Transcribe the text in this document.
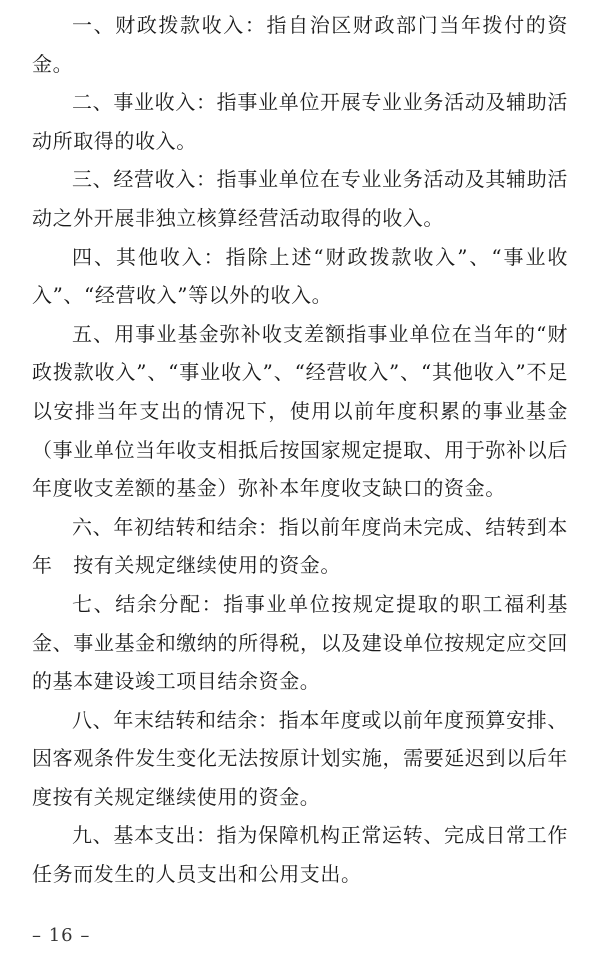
一、财政拨款收入：指自治区财政部门当年拨付的资金。

二、事业收入：指事业单位开展专业业务活动及辅助活动所取得的收入。

三、经营收入：指事业单位在专业业务活动及其辅助活动之外开展非独立核算经营活动取得的收入。

四、其他收入：指除上述“财政拨款收入”、“事业收入”、“经营收入”等以外的收入。

五、用事业基金弥补收支差额指事业单位在当年的“财政拨款收入”、“事业收入”、“经营收入”、“其他收入”不足以安排当年支出的情况下，使用以前年度积累的事业基金（事业单位当年收支相抵后按国家规定提取、用于弥补以后年度收支差额的基金）弥补本年度收支缺口的资金。

六、年初结转和结余：指以前年度尚未完成、结转到本年　按有关规定继续使用的资金。

七、结余分配：指事业单位按规定提取的职工福利基金、事业基金和缴纳的所得税，以及建设单位按规定应交回的基本建设竣工项目结余资金。

八、年末结转和结余：指本年度或以前年度预算安排、因客观条件发生变化无法按原计划实施，需要延迟到以后年度按有关规定继续使用的资金。

九、基本支出：指为保障机构正常运转、完成日常工作任务而发生的人员支出和公用支出。

– 16 –
